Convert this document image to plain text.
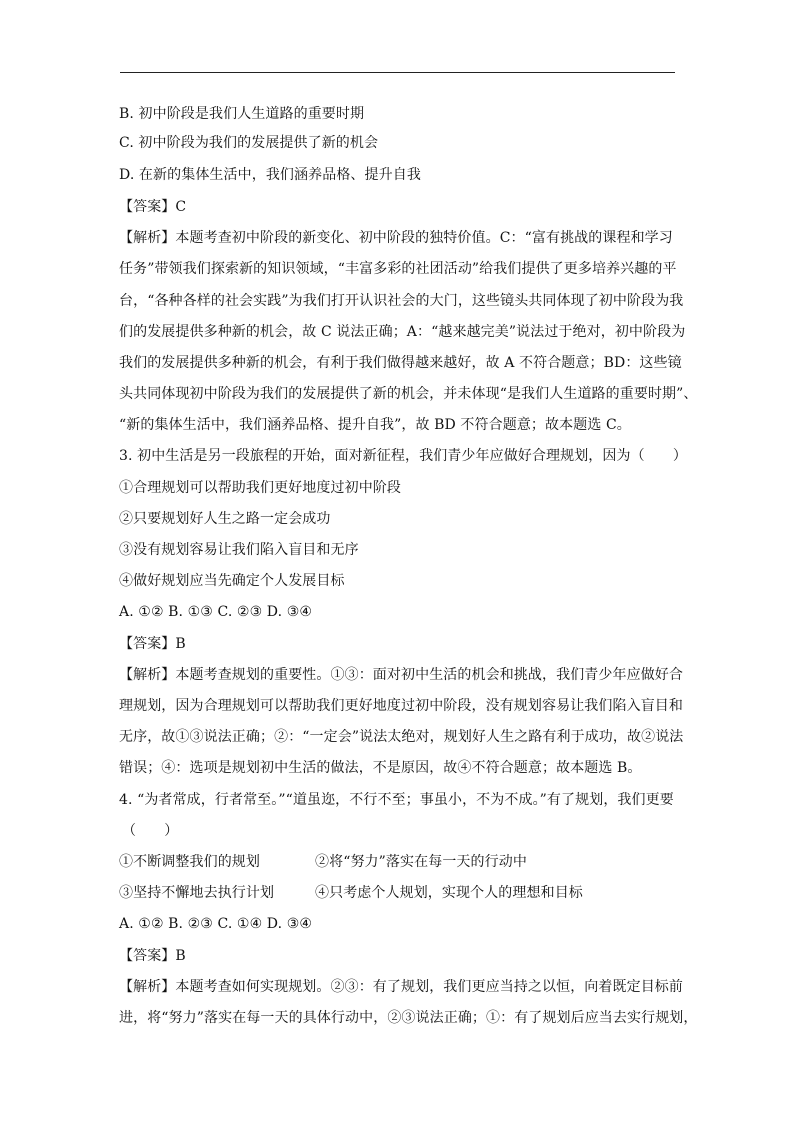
B. 初中阶段是我们人生道路的重要时期
C. 初中阶段为我们的发展提供了新的机会
D. 在新的集体生活中，我们涵养品格、提升自我
【答案】C
【解析】本题考查初中阶段的新变化、初中阶段的独特价值。C：“富有挑战的课程和学习
任务”带领我们探索新的知识领域，“丰富多彩的社团活动”给我们提供了更多培养兴趣的平
台，“各种各样的社会实践”为我们打开认识社会的大门，这些镜头共同体现了初中阶段为我
们的发展提供多种新的机会，故 C 说法正确；A：“越来越完美”说法过于绝对，初中阶段为
我们的发展提供多种新的机会，有利于我们做得越来越好，故 A 不符合题意；BD：这些镜
头共同体现初中阶段为我们的发展提供了新的机会，并未体现“是我们人生道路的重要时期”、
“新的集体生活中，我们涵养品格、提升自我”，故 BD 不符合题意；故本题选 C。
3. 初中生活是另一段旅程的开始，面对新征程，我们青少年应做好合理规划，因为（　　）
①合理规划可以帮助我们更好地度过初中阶段
②只要规划好人生之路一定会成功
③没有规划容易让我们陷入盲目和无序
④做好规划应当先确定个人发展目标
A. ①② B. ①③ C. ②③ D. ③④
【答案】B
【解析】本题考查规划的重要性。①③：面对初中生活的机会和挑战，我们青少年应做好合
理规划，因为合理规划可以帮助我们更好地度过初中阶段，没有规划容易让我们陷入盲目和
无序，故①③说法正确；②：“一定会”说法太绝对，规划好人生之路有利于成功，故②说法
错误；④：选项是规划初中生活的做法，不是原因，故④不符合题意；故本题选 B。
4. “为者常成，行者常至。”“道虽迩，不行不至；事虽小，不为不成。”有了规划，我们更要
（　　）
①不断调整我们的规划	②将“努力”落实在每一天的行动中
③坚持不懈地去执行计划	④只考虑个人规划，实现个人的理想和目标
A. ①② B. ②③ C. ①④ D. ③④
【答案】B
【解析】本题考查如何实现规划。②③：有了规划，我们更应当持之以恒，向着既定目标前
进，将“努力”落实在每一天的具体行动中，②③说法正确；①：有了规划后应当去实行规划，
